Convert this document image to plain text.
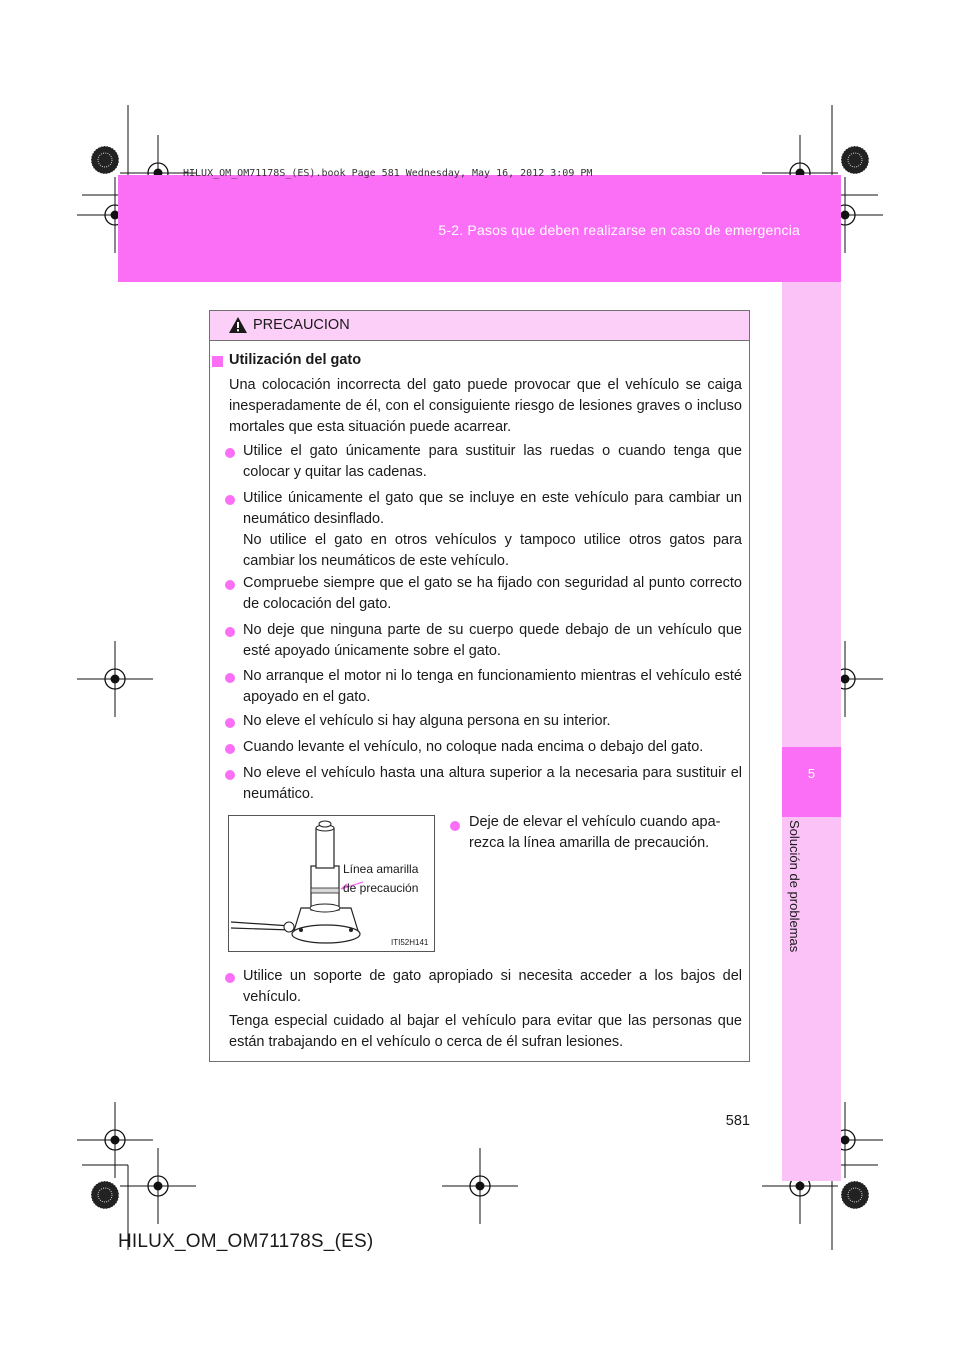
HILUX_OM_OM71178S_(ES).book Page 581 Wednesday, May 16, 2012 3:09 PM
5-2. Pasos que deben realizarse en caso de emergencia
5
Solución de problemas
PRECAUCION
Utilización del gato
Una colocación incorrecta del gato puede provocar que el vehículo se caiga inesperadamente de él, con el consiguiente riesgo de lesiones graves o incluso mortales que esta situación puede acarrear.
Utilice el gato únicamente para sustituir las ruedas o cuando tenga que colocar y quitar las cadenas.
Utilice únicamente el gato que se incluye en este vehículo para cambiar un neumático desinflado.
No utilice el gato en otros vehículos y tampoco utilice otros gatos para cambiar los neumáticos de este vehículo.
Compruebe siempre que el gato se ha fijado con seguridad al punto correcto de colocación del gato.
No deje que ninguna parte de su cuerpo quede debajo de un vehículo que esté apoyado únicamente sobre el gato.
No arranque el motor ni lo tenga en funcionamiento mientras el vehículo esté apoyado en el gato.
No eleve el vehículo si hay alguna persona en su interior.
Cuando levante el vehículo, no coloque nada encima o debajo del gato.
No eleve el vehículo hasta una altura superior a la necesaria para sustituir el neumático.
Línea amarilla
de precaución
ITI52H141
Deje de elevar el vehículo cuando apa-rezca la línea amarilla de precaución.
Utilice un soporte de gato apropiado si necesita acceder a los bajos del vehículo.
Tenga especial cuidado al bajar el vehículo para evitar que las personas que están trabajando en el vehículo o cerca de él sufran lesiones.
581
HILUX_OM_OM71178S_(ES)
